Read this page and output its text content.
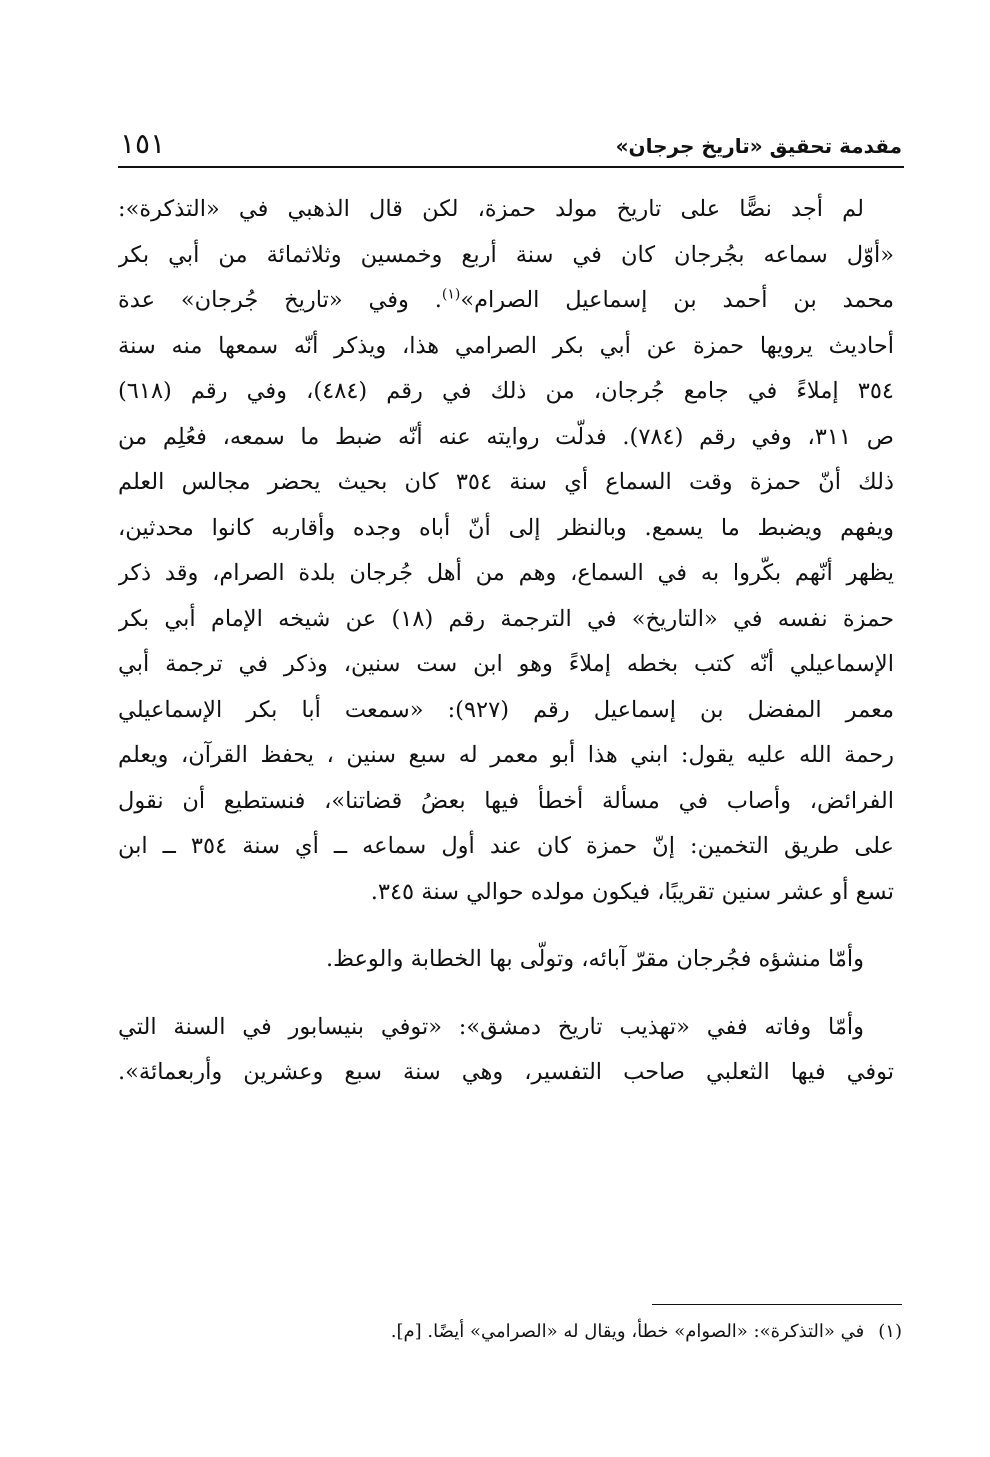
مقدمة تحقيق «تاريخ جرجان»
١٥١

لم أجد نصًّا على تاريخ مولد حمزة، لكن قال الذهبي في «التذكرة»:
«أوّل سماعه بجُرجان كان في سنة أربع وخمسين وثلاثمائة من أبي بكر
محمد بن أحمد بن إسماعيل الصرام»$^{(١)}$. وفي «تاريخ جُرجان» عدة
أحاديث يرويها حمزة عن أبي بكر الصرامي هذا، ويذكر أنّه سمعها منه سنة
٣٥٤ إملاءً في جامع جُرجان، من ذلك في رقم (٤٨٤)، وفي رقم (٦١٨)
ص ٣١١، وفي رقم (٧٨٤). فدلّت روايته عنه أنّه ضبط ما سمعه، فعُلِم من
ذلك أنّ حمزة وقت السماع أي سنة ٣٥٤ كان بحيث يحضر مجالس العلم
ويفهم ويضبط ما يسمع. وبالنظر إلى أنّ أباه وجده وأقاربه كانوا محدثين،
يظهر أنّهم بكّروا به في السماع، وهم من أهل جُرجان بلدة الصرام، وقد ذكر
حمزة نفسه في «التاريخ» في الترجمة رقم (١٨) عن شيخه الإمام أبي بكر
الإسماعيلي أنّه كتب بخطه إملاءً وهو ابن ست سنين، وذكر في ترجمة أبي
معمر المفضل بن إسماعيل رقم (٩٢٧): «سمعت أبا بكر الإسماعيلي
رحمة الله عليه يقول: ابني هذا أبو معمر له سبع سنين ، يحفظ القرآن، ويعلم
الفرائض، وأصاب في مسألة أخطأ فيها بعضُ قضاتنا»، فنستطيع أن نقول
على طريق التخمين: إنّ حمزة كان عند أول سماعه ــ أي سنة ٣٥٤ ــ ابن
تسع أو عشر سنين تقريبًا، فيكون مولده حوالي سنة ٣٤٥.

وأمّا منشؤه فجُرجان مقرّ آبائه، وتولّى بها الخطابة والوعظ.

وأمّا وفاته ففي «تهذيب تاريخ دمشق»: «توفي بنيسابور في السنة التي
توفي فيها الثعلبي صاحب التفسير، وهي سنة سبع وعشرين وأربعمائة».

(١)في «التذكرة»: «الصوام» خطأ، ويقال له «الصرامي» أيضًا. [م].
